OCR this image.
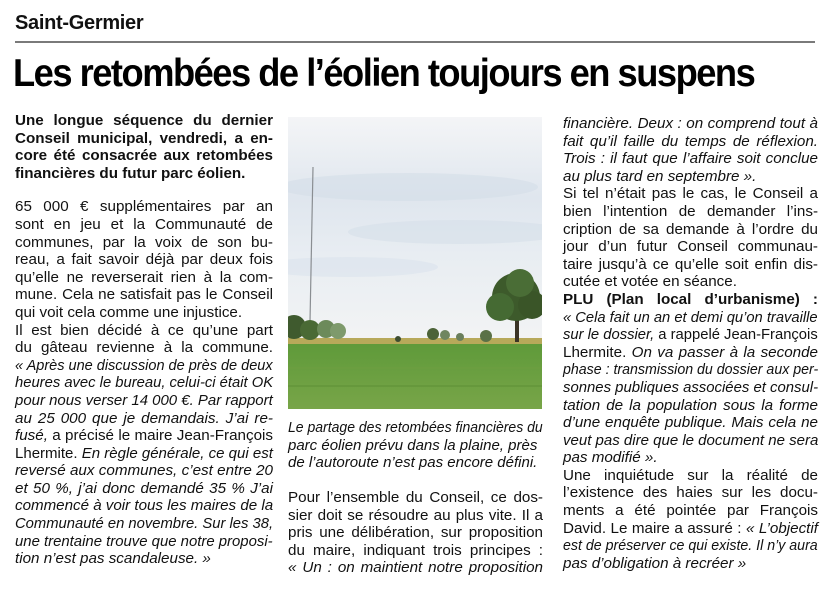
Saint-Germier
Les retombées de l’éolien toujours en suspens

Une longue séquence du dernier
Conseil municipal, vendredi, a en-
core été consacrée aux retombées
financières du futur parc éolien.

65 000 € supplémentaires par an
sont en jeu et la Communauté de
communes, par la voix de son bu-
reau, a fait savoir déjà par deux fois
qu’elle ne reverserait rien à la com-
mune. Cela ne satisfait pas le Conseil
qui voit cela comme une injustice.
Il est bien décidé à ce qu’une part
du gâteau revienne à la commune.
« Après une discussion de près de deux
heures avec le bureau, celui-ci était OK
pour nous verser 14 000 €. Par rapport
au 25 000 que je demandais. J’ai re-
fusé, a précisé le maire Jean-François
Lhermite. En règle générale, ce qui est
reversé aux communes, c’est entre 20
et 50 %, j’ai donc demandé 35 % J’ai
commencé à voir tous les maires de la
Communauté en novembre. Sur les 38,
une trentaine trouve que notre proposi-
tion n’est pas scandaleuse. »

Le partage des retombées financières du
parc éolien prévu dans la plaine, près
de l’autoroute n’est pas encore défini.
Pour l’ensemble du Conseil, ce dos-
sier doit se résoudre au plus vite. Il a
pris une délibération, sur proposition
du maire, indiquant trois principes :
« Un : on maintient notre proposition
financière. Deux : on comprend tout à
fait qu’il faille du temps de réflexion.
Trois : il faut que l’affaire soit conclue
au plus tard en septembre ».
Si tel n’était pas le cas, le Conseil a
bien l’intention de demander l’ins-
cription de sa demande à l’ordre du
jour d’un futur Conseil communau-
taire jusqu’à ce qu’elle soit enfin dis-
cutée et votée en séance.
PLU (Plan local d’urbanisme) :
« Cela fait un an et demi qu’on travaille
sur le dossier, a rappelé Jean-François
Lhermite. On va passer à la seconde
phase : transmission du dossier aux per-
sonnes publiques associées et consul-
tation de la population sous la forme
d’une enquête publique. Mais cela ne
veut pas dire que le document ne sera
pas modifié ».
Une inquiétude sur la réalité de
l’existence des haies sur les docu-
ments a été pointée par François
David. Le maire a assuré : « L’objectif
est de préserver ce qui existe. Il n’y aura
pas d’obligation à recréer »
